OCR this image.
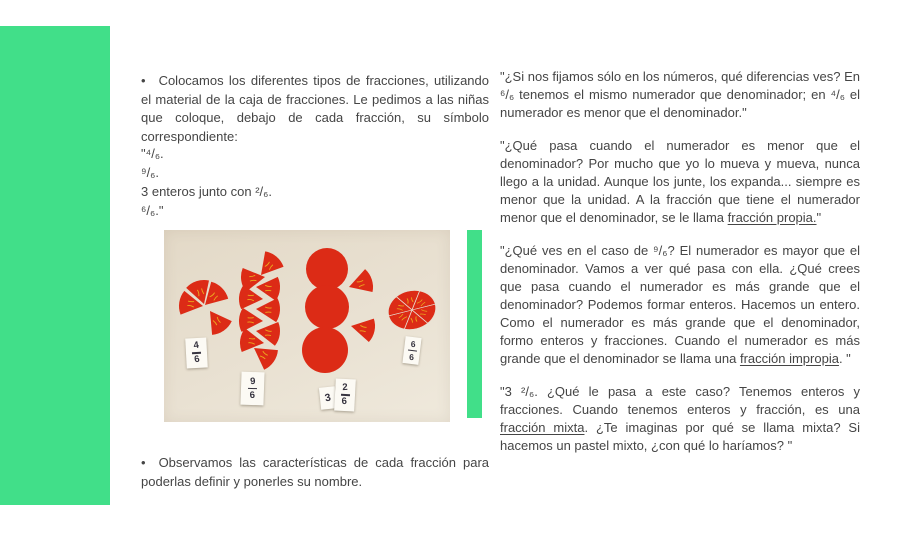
• Colocamos los diferentes tipos de fracciones, utilizando el material de la caja de fracciones. Le pedimos a las niñas que coloque, debajo de cada fracción, su símbolo correspondiente:

"⁴/₆.
⁹/₆.
3 enteros junto con ²/₆.
⁶/₆."
4
6
9
6	3
2
6
6
6

• Observamos las características de cada fracción para poderlas definir y ponerles su nombre.

"¿Si nos fijamos sólo en los números, qué diferencias ves? En ⁶/₆ tenemos el mismo numerador que denominador; en ⁴/₆ el numerador es menor que el denominador."

"¿Qué pasa cuando el numerador es menor que el denominador? Por mucho que yo lo mueva y mueva, nunca llego a la unidad. Aunque los junte, los expanda... siempre es menor que la unidad. A la fracción que tiene el numerador menor que el denominador, se le llama fracción propia."

"¿Qué ves en el caso de ⁹/₆? El numerador es mayor que el denominador. Vamos a ver qué pasa con ella. ¿Qué crees que pasa cuando el numerador es más grande que el denominador? Podemos formar enteros. Hacemos un entero. Como el numerador es más grande que el denominador, formo enteros y fracciones. Cuando el numerador es más grande que el denominador se llama una fracción impropia. "

"3 ²/₆. ¿Qué le pasa a este caso? Tenemos enteros y fracciones. Cuando tenemos enteros y fracción, es una fracción mixta. ¿Te imaginas por qué se llama mixta? Si hacemos un pastel mixto, ¿con qué lo haríamos? "
